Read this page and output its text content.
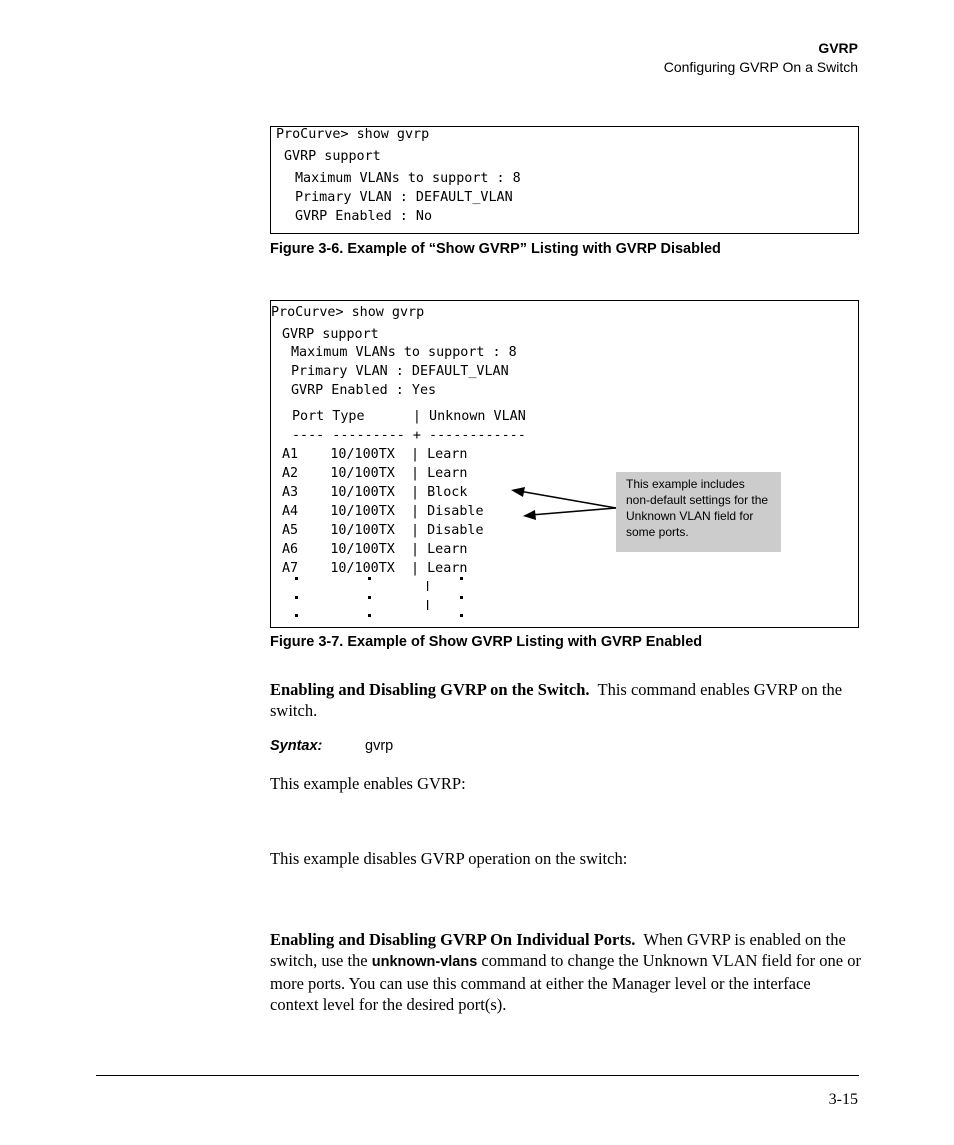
GVRP
Configuring GVRP On a Switch
ProCurve> show gvrp
GVRP support
Maximum VLANs to support : 8
Primary VLAN : DEFAULT_VLAN
GVRP Enabled : No
Figure 3-6. Example of “Show GVRP” Listing with GVRP Disabled
ProCurve> show gvrp
GVRP support
Maximum VLANs to support : 8
Primary VLAN : DEFAULT_VLAN
GVRP Enabled : Yes
Port Type      | Unknown VLAN
---- --------- + ------------
A1    10/100TX  | Learn
A2    10/100TX  | Learn
A3    10/100TX  | Block
A4    10/100TX  | Disable
A5    10/100TX  | Disable
A6    10/100TX  | Learn
A7    10/100TX  | Learn
This example includes non-default settings for the Unknown VLAN field for some ports.
Figure 3-7. Example of Show GVRP Listing with GVRP Enabled
Enabling and Disabling GVRP on the Switch. This command enables GVRP on the switch.
Syntax:	gvrp
This example enables GVRP:
This example disables GVRP operation on the switch:
Enabling and Disabling GVRP On Individual Ports. When GVRP is enabled on the switch, use the unknown-vlans command to change the Unknown VLAN field for one or more ports. You can use this command at either the Manager level or the interface context level for the desired port(s).
3-15
